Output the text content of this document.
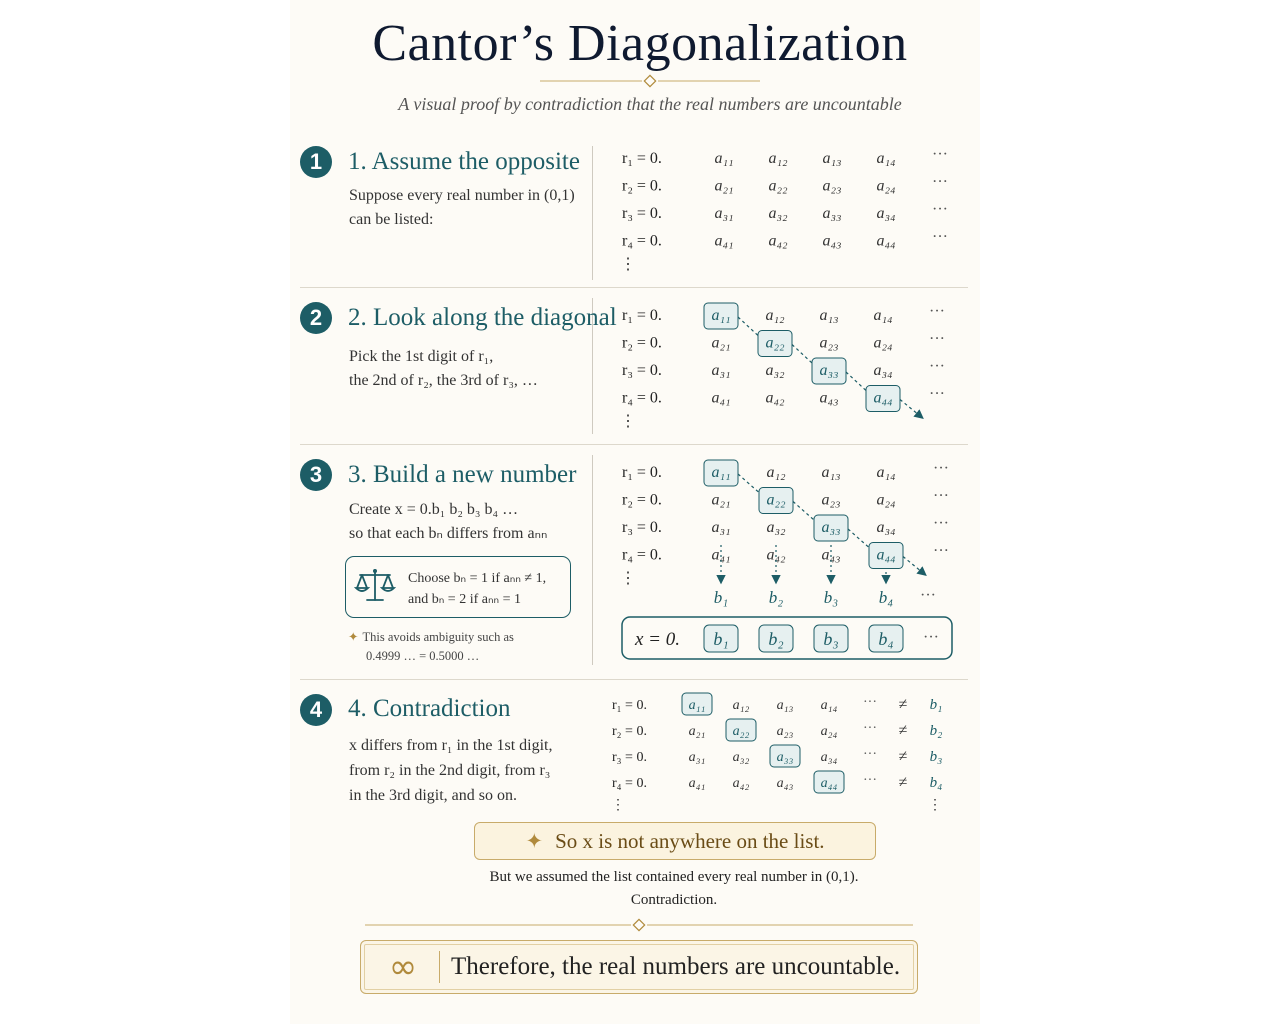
Cantor’s Diagonalization
A visual proof by contradiction that the real numbers are uncountable
1	1. Assume the opposite
Suppose every real number in (0,1)
can be listed:
2	2. Look along the diagonal
Pick the 1st digit of r₁,
the 2nd of r₂, the 3rd of r₃, …
3	3. Build a new number
Create x = 0.b₁ b₂ b₃ b₄ …
so that each bₙ differs from aₙₙ
Choose bₙ = 1 if aₙₙ ≠ 1,
and bₙ = 2 if aₙₙ = 1
✦ This avoids ambiguity such as
0.4999 … = 0.5000 …
4	4. Contradiction
x differs from r₁ in the 1st digit,
from r₂ in the 2nd digit, from r₃
in the 3rd digit, and so on.
r₁ = 0.	a₁₁ a₁₂ a₁₃ a₁₄ ···
r₂ = 0.	a₂₁ a₂₂ a₂₃ a₂₄ ···
r₃ = 0.	a₃₁ a₃₂ a₃₃ a₃₄ ···
r₄ = 0.	a₄₁ a₄₂ a₄₃ a₄₄ ···
⋮
r₁ = 0.	a₁₁ a₁₂ a₁₃ a₁₄ ···
r₂ = 0.	a₂₁ a₂₂ a₂₃ a₂₄ ···
r₃ = 0.	a₃₁ a₃₂ a₃₃ a₃₄ ···
r₄ = 0.	a₄₁ a₄₂ a₄₃ a₄₄ ···
⋮
r₁ = 0.	a₁₁ a₁₂ a₁₃ a₁₄ ···
r₂ = 0.	a₂₁ a₂₂ a₂₃ a₂₄ ···
r₃ = 0.	a₃₁ a₃₂ a₃₃ a₃₄ ···
r₄ = 0.	a₄₁ a₄₂ a₄₃ a₄₄ ···
⋮
b₁ b₂ b₃ b₄ ···
x = 0. b₁ b₂ b₃ b₄ ···
r₁ = 0.	a₁₁ a₁₂ a₁₃ a₁₄ ··· ≠ b₁
r₂ = 0.	a₂₁ a₂₂ a₂₃ a₂₄ ··· ≠ b₂
r₃ = 0.	a₃₁ a₃₂ a₃₃ a₃₄ ··· ≠ b₃
r₄ = 0.	a₄₁ a₄₂ a₄₃ a₄₄ ··· ≠ b₄
⋮	⋮
✦ So x is not anywhere on the list.
But we assumed the list contained every real number in (0,1).
Contradiction.
∞	Therefore, the real numbers are uncountable.
